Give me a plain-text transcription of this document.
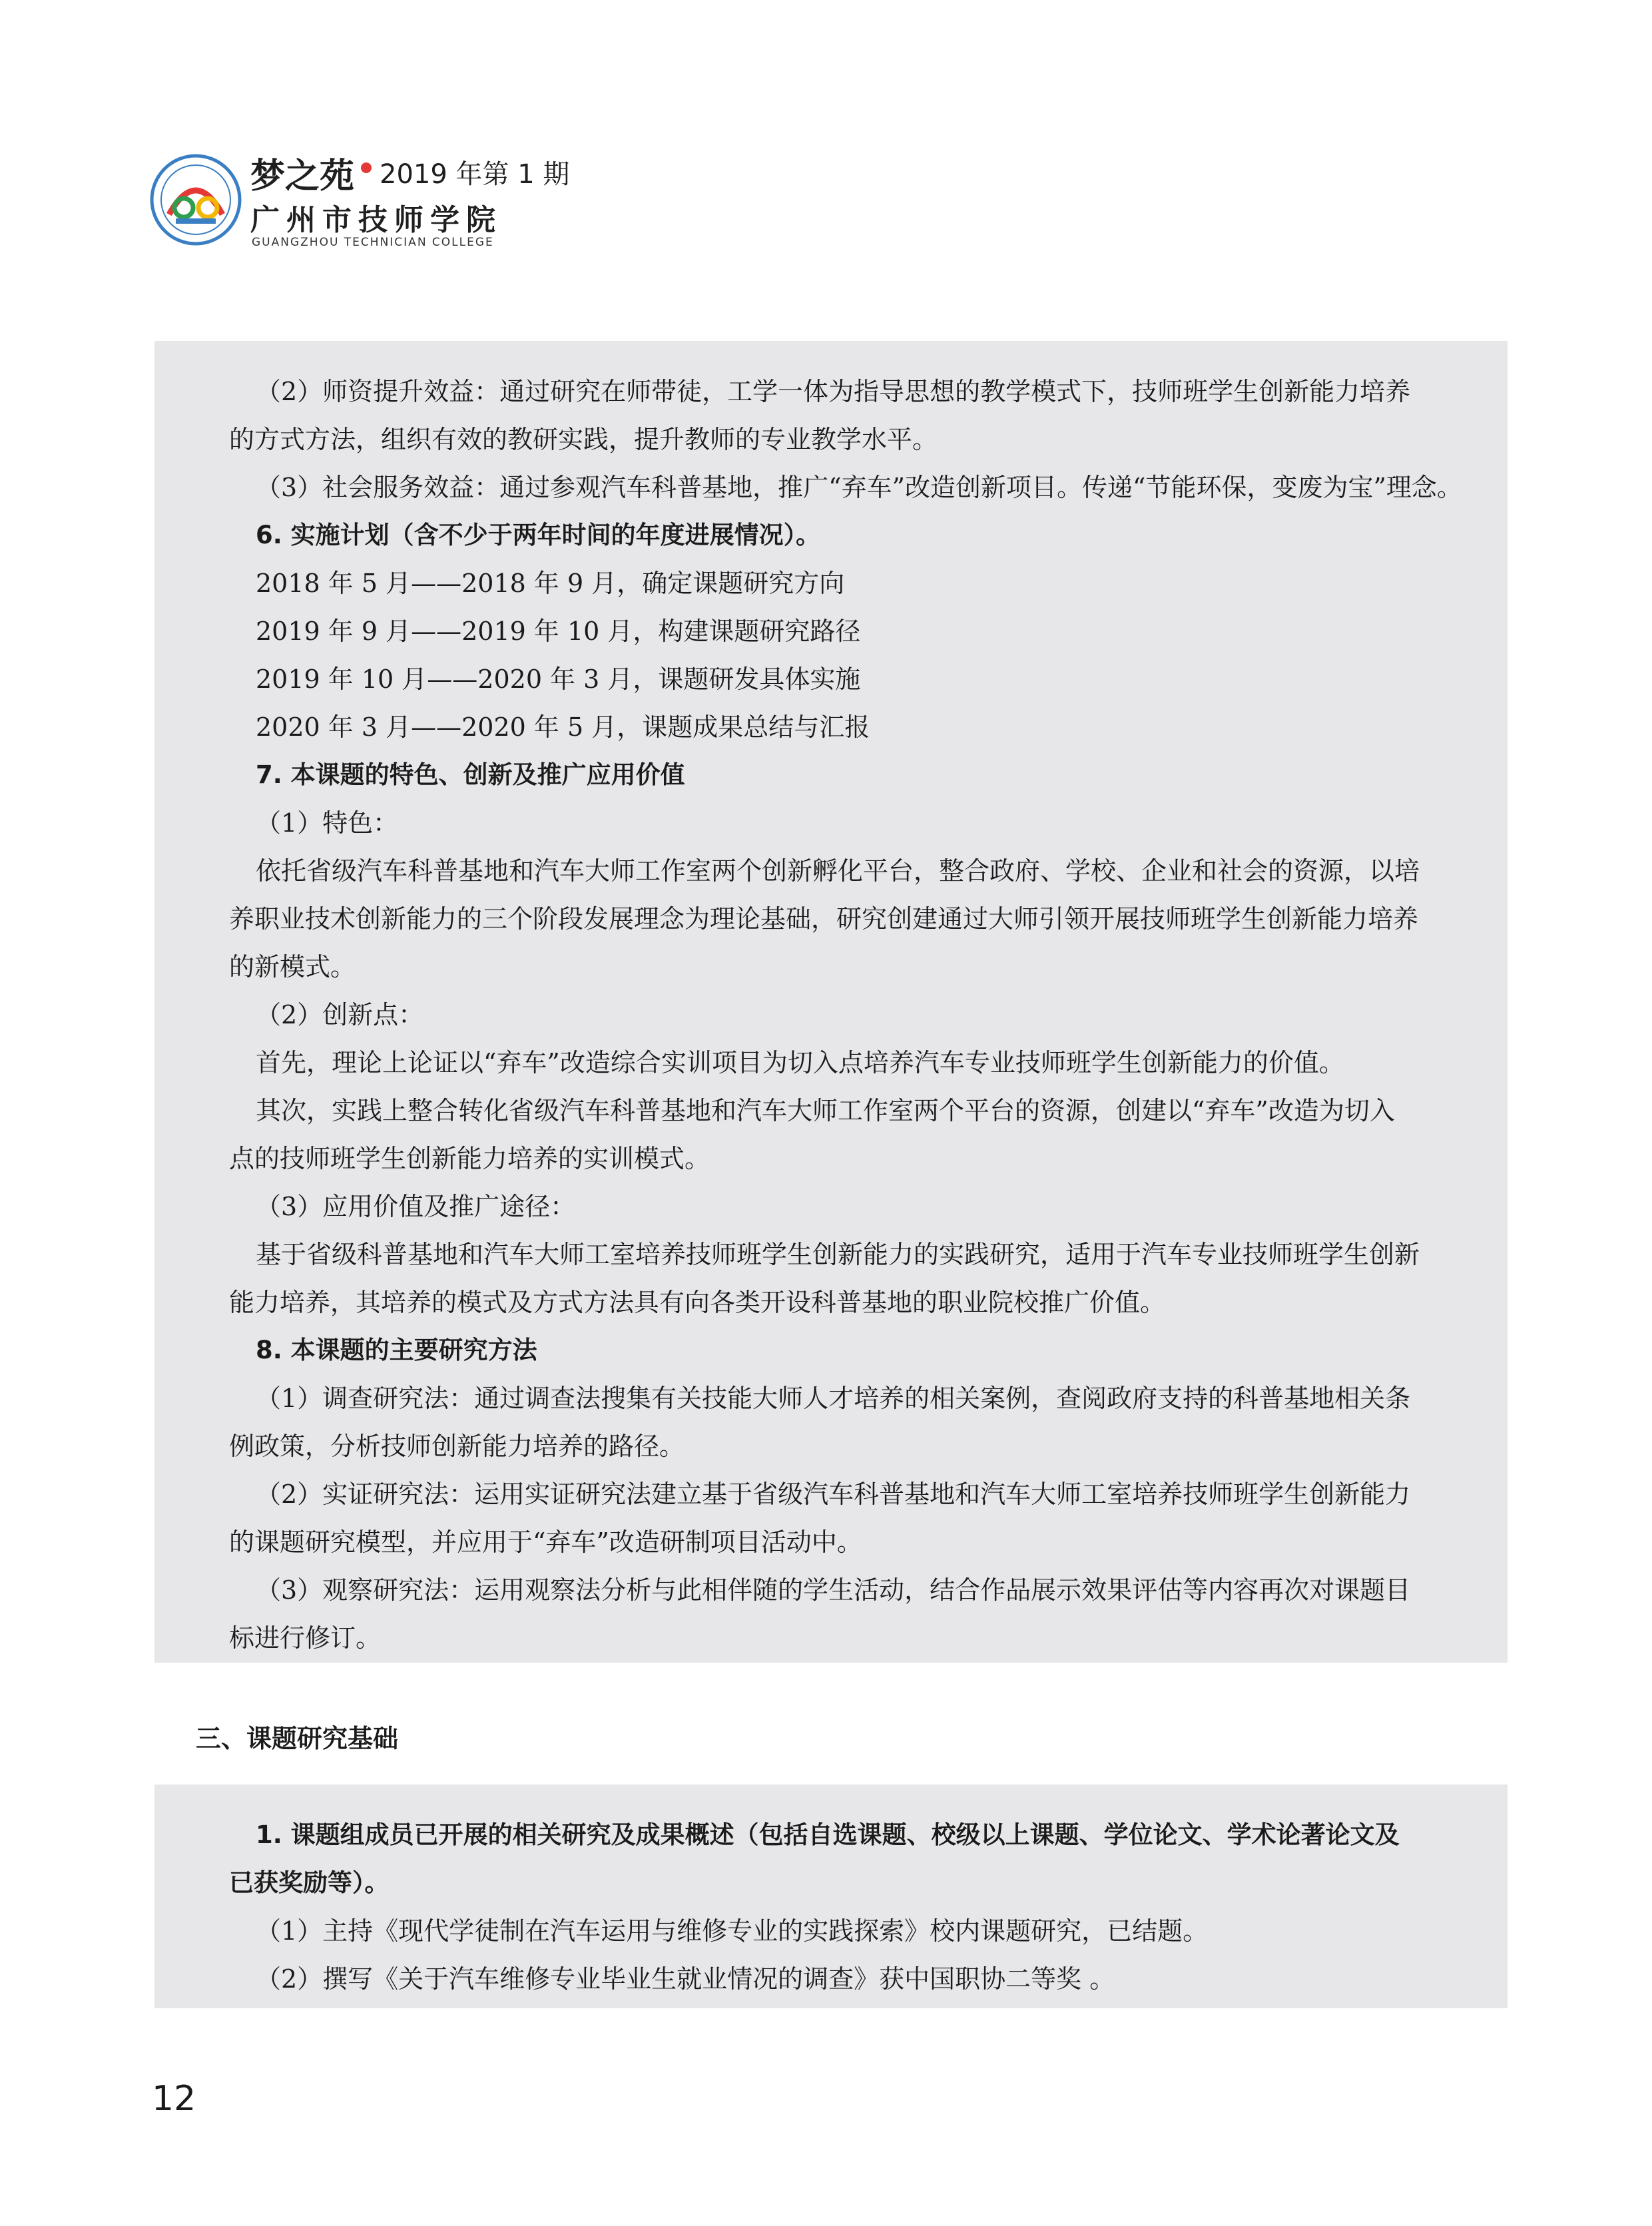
梦之苑 2019 年第 1 期
广州市技师学院
GUANGZHOU TECHNICIAN COLLEGE
（2）师资提升效益：通过研究在师带徒，工学一体为指导思想的教学模式下，技师班学生创新能力培养
的方式方法，组织有效的教研实践，提升教师的专业教学水平。
（3）社会服务效益：通过参观汽车科普基地，推广“弃车”改造创新项目。传递“节能环保，变废为宝”理念。
6. 实施计划（含不少于两年时间的年度进展情况）。
2018 年 5 月——2018 年 9 月，确定课题研究方向
2019 年 9 月——2019 年 10 月，构建课题研究路径
2019 年 10 月——2020 年 3 月，课题研发具体实施
2020 年 3 月——2020 年 5 月，课题成果总结与汇报
7. 本课题的特色、创新及推广应用价值
（1）特色：
依托省级汽车科普基地和汽车大师工作室两个创新孵化平台，整合政府、学校、企业和社会的资源，以培
养职业技术创新能力的三个阶段发展理念为理论基础，研究创建通过大师引领开展技师班学生创新能力培养
的新模式。
（2）创新点：
首先，理论上论证以“弃车”改造综合实训项目为切入点培养汽车专业技师班学生创新能力的价值。
其次，实践上整合转化省级汽车科普基地和汽车大师工作室两个平台的资源，创建以“弃车”改造为切入
点的技师班学生创新能力培养的实训模式。
（3）应用价值及推广途径：
基于省级科普基地和汽车大师工室培养技师班学生创新能力的实践研究，适用于汽车专业技师班学生创新
能力培养，其培养的模式及方式方法具有向各类开设科普基地的职业院校推广价值。
8. 本课题的主要研究方法
（1）调查研究法：通过调查法搜集有关技能大师人才培养的相关案例，查阅政府支持的科普基地相关条
例政策，分析技师创新能力培养的路径。
（2）实证研究法：运用实证研究法建立基于省级汽车科普基地和汽车大师工室培养技师班学生创新能力
的课题研究模型，并应用于“弃车”改造研制项目活动中。
（3）观察研究法：运用观察法分析与此相伴随的学生活动，结合作品展示效果评估等内容再次对课题目
标进行修订。
三、课题研究基础
1. 课题组成员已开展的相关研究及成果概述（包括自选课题、校级以上课题、学位论文、学术论著论文及
已获奖励等）。
（1）主持《现代学徒制在汽车运用与维修专业的实践探索》校内课题研究，已结题。
（2）撰写《关于汽车维修专业毕业生就业情况的调查》获中国职协二等奖 。
12
